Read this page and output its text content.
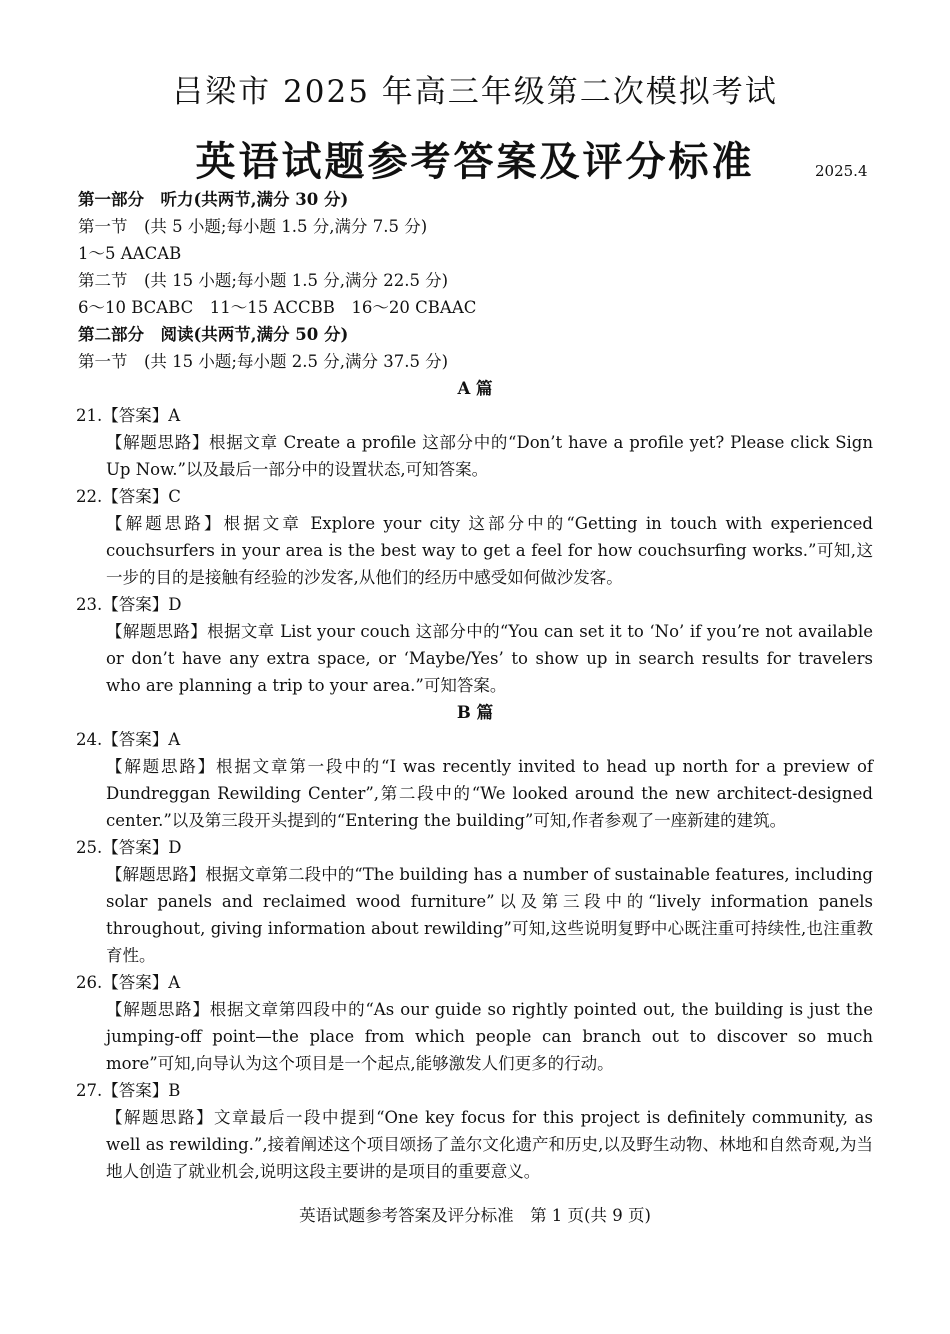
吕梁市 2025 年高三年级第二次模拟考试
英语试题参考答案及评分标准	2025.4
第一部分　听力(共两节,满分 30 分)
第一节　(共 5 小题;每小题 1.5 分,满分 7.5 分)
1～5 AACAB
第二节　(共 15 小题;每小题 1.5 分,满分 22.5 分)
6～10 BCABC　11～15 ACCBB　16～20 CBAAC
第二部分　阅读(共两节,满分 50 分)
第一节　(共 15 小题;每小题 2.5 分,满分 37.5 分)
A 篇
21.【答案】A
【解题思路】根据文章 Create a profile 这部分中的“Don’t have a profile yet? Please click Sign Up Now.”以及最后一部分中的设置状态,可知答案。
22.【答案】C
【解题思路】根据文章 Explore your city 这部分中的“Getting in touch with experienced couchsurfers in your area is the best way to get a feel for how couchsurfing works.”可知,这一步的目的是接触有经验的沙发客,从他们的经历中感受如何做沙发客。
23.【答案】D
【解题思路】根据文章 List your couch 这部分中的“You can set it to ‘No’ if you’re not available or don’t have any extra space, or ‘Maybe/Yes’ to show up in search results for travelers who are planning a trip to your area.”可知答案。
B 篇
24.【答案】A
【解题思路】根据文章第一段中的“I was recently invited to head up north for a preview of Dundreggan Rewilding Center”,第二段中的“We looked around the new architect-designed center.”以及第三段开头提到的“Entering the building”可知,作者参观了一座新建的建筑。
25.【答案】D
【解题思路】根据文章第二段中的“The building has a number of sustainable features, including solar panels and reclaimed wood furniture”以及第三段中的“lively information panels throughout, giving information about rewilding”可知,这些说明复野中心既注重可持续性,也注重教育性。
26.【答案】A
【解题思路】根据文章第四段中的“As our guide so rightly pointed out, the building is just the jumping-off point—the place from which people can branch out to discover so much more”可知,向导认为这个项目是一个起点,能够激发人们更多的行动。
27.【答案】B
【解题思路】文章最后一段中提到“One key focus for this project is definitely community, as well as rewilding.”,接着阐述这个项目颂扬了盖尔文化遗产和历史,以及野生动物、林地和自然奇观,为当地人创造了就业机会,说明这段主要讲的是项目的重要意义。
英语试题参考答案及评分标准　第 1 页(共 9 页)
